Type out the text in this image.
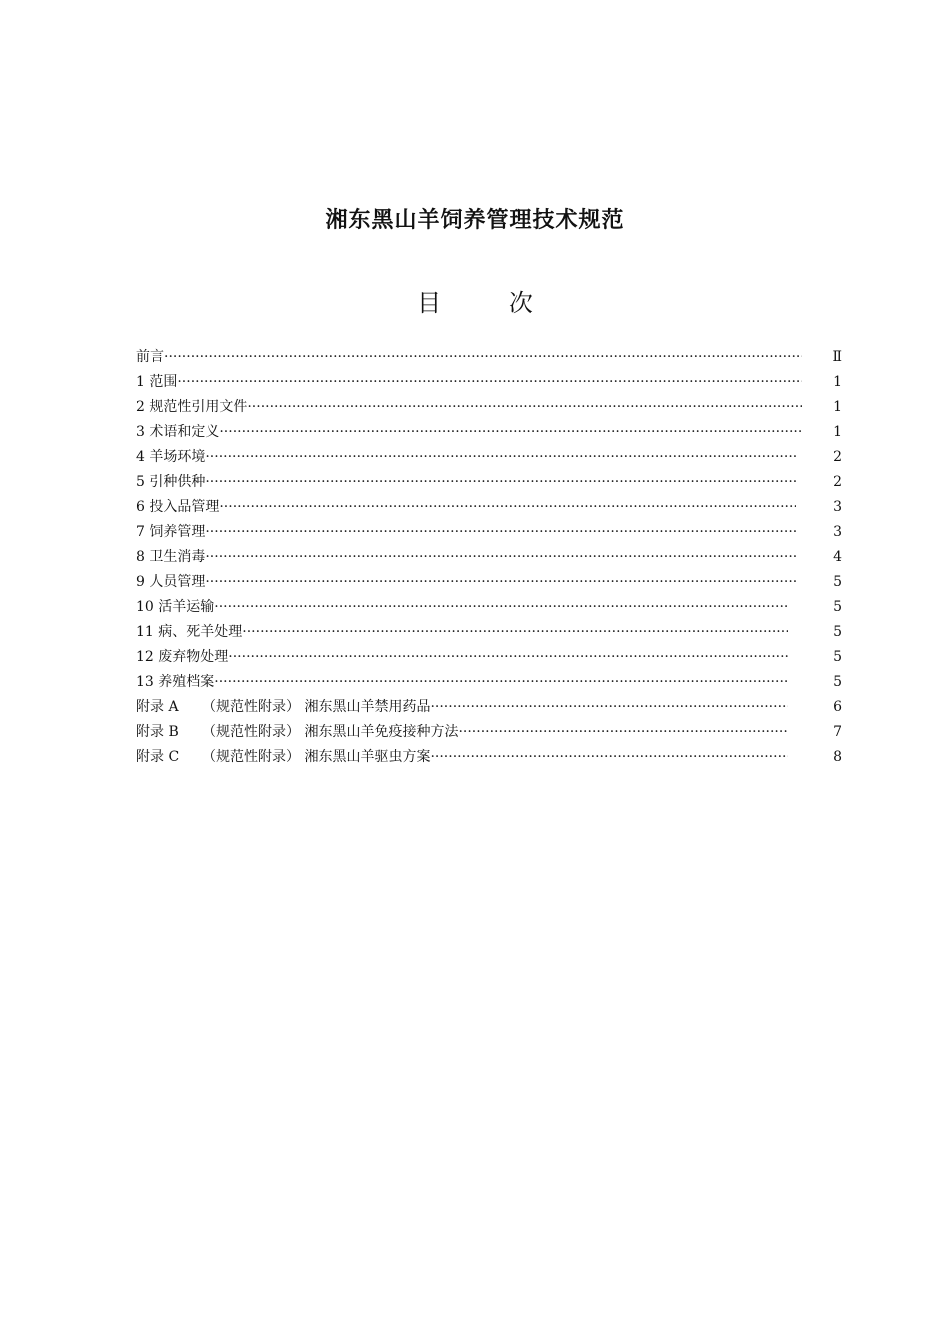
湘东黑山羊饲养管理技术规范
目	次
前言 ·····	Ⅱ
1 范围 ·····	1
2 规范性引用文件 ·····	1
3 术语和定义 ·····	1
4 羊场环境 ·····	2
5 引种供种 ·····	2
6 投入品管理 ·····	3
7 饲养管理 ·····	3
8 卫生消毒 ·····	4
9 人员管理 ·····	5
10 活羊运输 ·····	5
11 病、死羊处理 ·····	5
12 废弃物处理 ·····	5
13 养殖档案 ·····	5
附录 A （规范性附录） 湘东黑山羊禁用药品 ·····	6
附录 B （规范性附录） 湘东黑山羊免疫接种方法 ·····	7
附录 C （规范性附录） 湘东黑山羊驱虫方案 ·····	8
